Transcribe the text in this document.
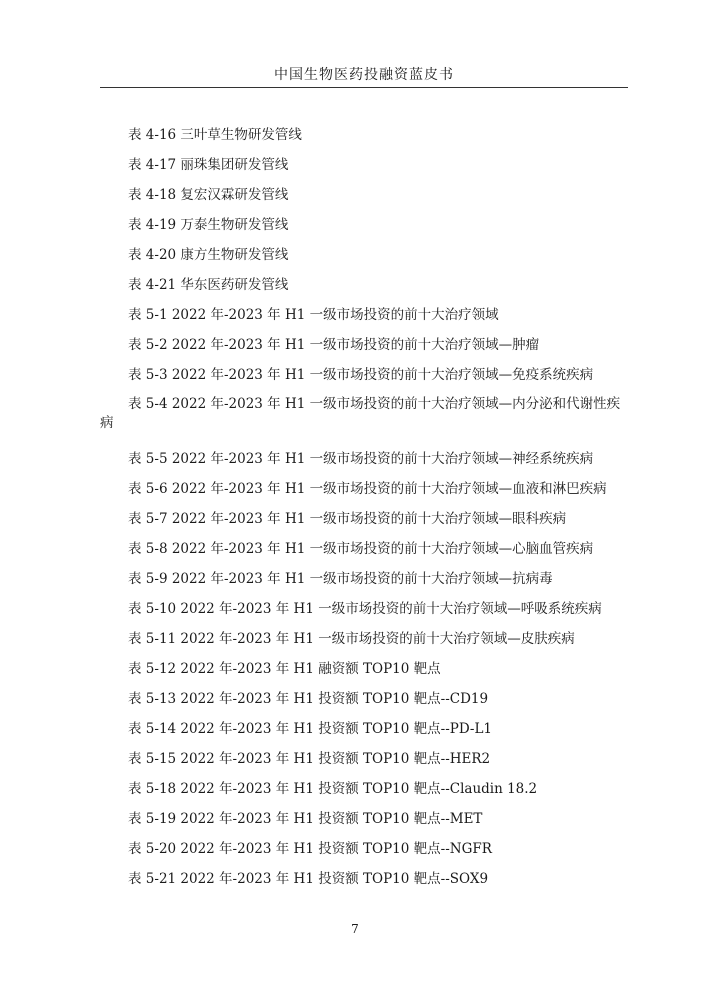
中国生物医药投融资蓝皮书
表 4-16 三叶草生物研发管线
表 4-17 丽珠集团研发管线
表 4-18 复宏汉霖研发管线
表 4-19 万泰生物研发管线
表 4-20 康方生物研发管线
表 4-21 华东医药研发管线
表 5-1 2022 年-2023 年 H1 一级市场投资的前十大治疗领域
表 5-2 2022 年-2023 年 H1 一级市场投资的前十大治疗领域—肿瘤
表 5-3 2022 年-2023 年 H1 一级市场投资的前十大治疗领域—免疫系统疾病
表 5-4 2022 年-2023 年 H1 一级市场投资的前十大治疗领域—内分泌和代谢性疾病
表 5-5 2022 年-2023 年 H1 一级市场投资的前十大治疗领域—神经系统疾病
表 5-6 2022 年-2023 年 H1 一级市场投资的前十大治疗领域—血液和淋巴疾病
表 5-7 2022 年-2023 年 H1 一级市场投资的前十大治疗领域—眼科疾病
表 5-8 2022 年-2023 年 H1 一级市场投资的前十大治疗领域—心脑血管疾病
表 5-9 2022 年-2023 年 H1 一级市场投资的前十大治疗领域—抗病毒
表 5-10 2022 年-2023 年 H1 一级市场投资的前十大治疗领域—呼吸系统疾病
表 5-11 2022 年-2023 年 H1 一级市场投资的前十大治疗领域—皮肤疾病
表 5-12 2022 年-2023 年 H1 融资额 TOP10 靶点
表 5-13 2022 年-2023 年 H1 投资额 TOP10 靶点--CD19
表 5-14 2022 年-2023 年 H1 投资额 TOP10 靶点--PD-L1
表 5-15 2022 年-2023 年 H1 投资额 TOP10 靶点--HER2
表 5-18 2022 年-2023 年 H1 投资额 TOP10 靶点--Claudin 18.2
表 5-19 2022 年-2023 年 H1 投资额 TOP10 靶点--MET
表 5-20 2022 年-2023 年 H1 投资额 TOP10 靶点--NGFR
表 5-21 2022 年-2023 年 H1 投资额 TOP10 靶点--SOX9
7
